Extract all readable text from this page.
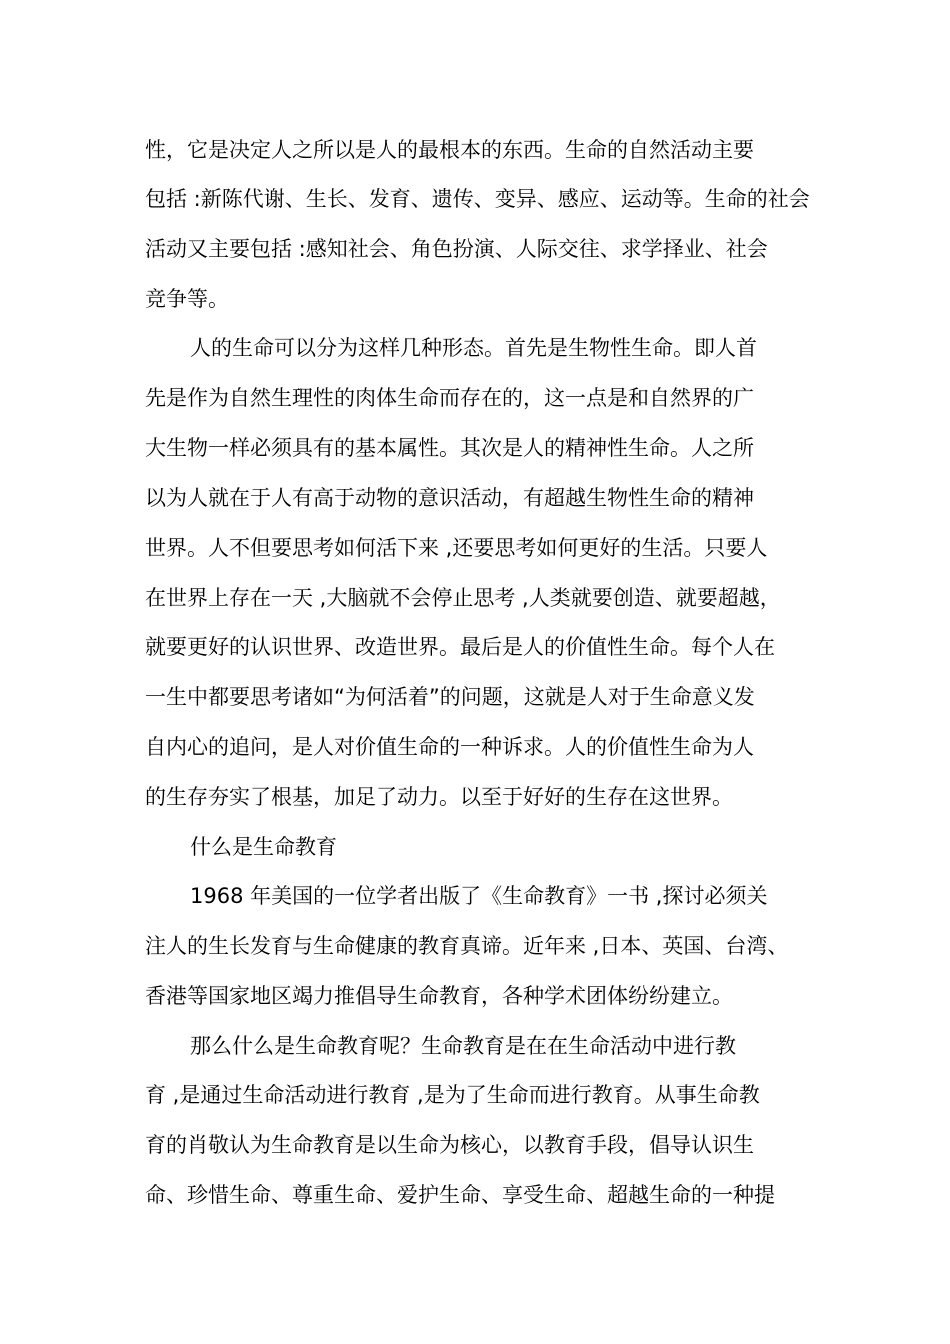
性，它是决定人之所以是人的最根本的东西。生命的自然活动主要
包括 :新陈代谢、生长、发育、遗传、变异、感应、运动等。生命的社会
活动又主要包括 :感知社会、角色扮演、人际交往、求学择业、社会
竞争等。
人的生命可以分为这样几种形态。首先是生物性生命。即人首
先是作为自然生理性的肉体生命而存在的，这一点是和自然界的广
大生物一样必须具有的基本属性。其次是人的精神性生命。人之所
以为人就在于人有高于动物的意识活动，有超越生物性生命的精神
世界。人不但要思考如何活下来 ,还要思考如何更好的生活。只要人
在世界上存在一天 ,大脑就不会停止思考 ,人类就要创造、就要超越，
就要更好的认识世界、改造世界。最后是人的价值性生命。每个人在
一生中都要思考诸如“为何活着”的问题，这就是人对于生命意义发
自内心的追问，是人对价值生命的一种诉求。人的价值性生命为人
的生存夯实了根基，加足了动力。以至于好好的生存在这世界。
什么是生命教育
1968 年美国的一位学者出版了《生命教育》一书 ,探讨必须关
注人的生长发育与生命健康的教育真谛。近年来 ,日本、英国、台湾、
香港等国家地区竭力推倡导生命教育，各种学术团体纷纷建立。
那么什么是生命教育呢？生命教育是在在生命活动中进行教
育 ,是通过生命活动进行教育 ,是为了生命而进行教育。从事生命教
育的肖敬认为生命教育是以生命为核心，以教育手段，倡导认识生
命、珍惜生命、尊重生命、爱护生命、享受生命、超越生命的一种提
